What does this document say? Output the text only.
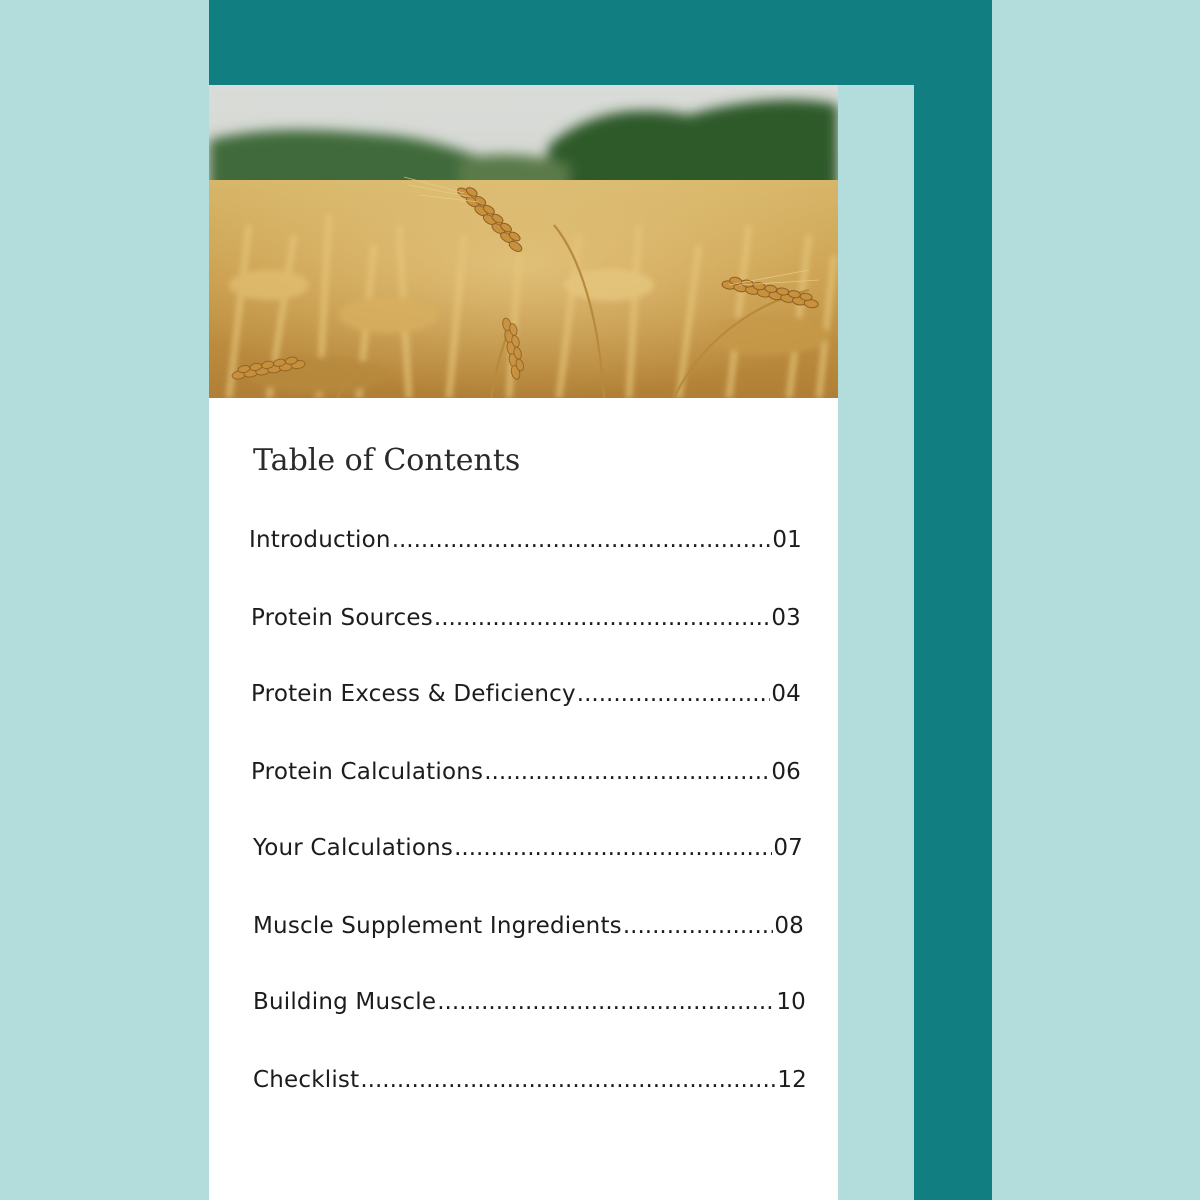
Table of Contents
Introduction .....	01
Protein Sources .....	03
Protein Excess & Deficiency .....	04
Protein Calculations .....	06
Your Calculations .....	07
Muscle Supplement Ingredients .....	08
Building Muscle .....	10
Checklist .....	12
